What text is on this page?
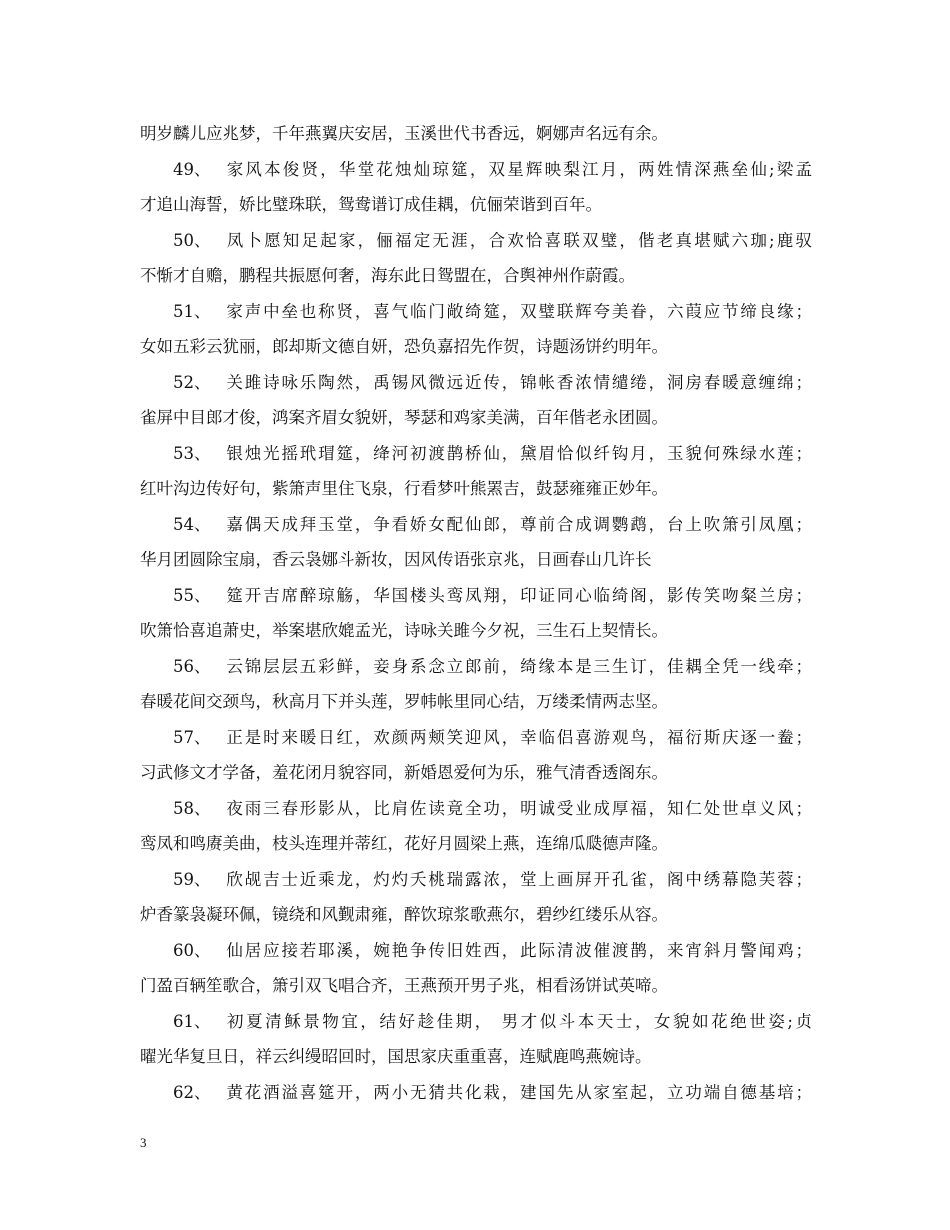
明岁麟儿应兆梦，千年燕翼庆安居，玉溪世代书香远，婀娜声名远有余。
49、 家风本俊贤，华堂花烛灿琼筵，双星辉映梨江月，两姓情深燕垒仙;梁孟
才追山海誓，娇比璧珠联，鸳鸯谱订成佳耦，伉俪荣谐到百年。
50、 凤卜愿知足起家，俪福定无涯，合欢恰喜联双璧，偕老真堪赋六珈;鹿驭
不惭才自赡，鹏程共振愿何奢，海东此日鸳盟在，合舆神州作蔚霞。
51、 家声中垒也称贤，喜气临门敞绮筵，双璧联辉夸美眷，六葭应节缔良缘；
女如五彩云犹丽，郎却斯文德自妍，恐负嘉招先作贺，诗题汤饼约明年。
52、 关雎诗咏乐陶然，禹锡风微远近传，锦帐香浓情缱绻，洞房春暖意缠绵；
雀屏中目郎才俊，鸿案齐眉女貌妍，琴瑟和鸡家美满，百年偕老永团圆。
53、 银烛光摇玳瑁筵，绛河初渡鹊桥仙，黛眉恰似纤钩月，玉貌何殊绿水莲；
红叶沟边传好句，紫箫声里住飞泉，行看梦叶熊罴吉，鼓瑟雍雍正妙年。
54、 嘉偶天成拜玉堂，争看娇女配仙郎，尊前合成调鹦鹉，台上吹箫引凤凰；
华月团圆除宝扇，香云袅娜斗新妆，因风传语张京兆，日画春山几许长
55、 筵开吉席醉琼觞，华国楼头鸾凤翔，印证同心临绮阁，影传笑吻粲兰房；
吹箫恰喜追萧史，举案堪欣媲孟光，诗咏关雎今夕祝，三生石上契情长。
56、 云锦层层五彩鲜，妾身系念立郎前，绮缘本是三生订，佳耦全凭一线牵；
春暖花间交颈鸟，秋高月下并头莲，罗帏帐里同心结，万缕柔情两志坚。
57、 正是时来暖日红，欢颜两颊笑迎风，幸临侣喜游观鸟，福衍斯庆逐一鲞；
习武修文才学备，羞花闭月貌容同，新婚恩爱何为乐，雅气清香透阁东。
58、 夜雨三春形影从，比肩佐读竟全功，明诚受业成厚福，知仁处世卓义风；
鸾凤和鸣赓美曲，枝头连理并蒂红，花好月圆梁上燕，连绵瓜瓞德声隆。
59、 欣觇吉士近乘龙，灼灼夭桃瑞露浓，堂上画屏开孔雀，阁中绣幕隐芙蓉；
炉香篆袅凝环佩，镜绕和风觐肃雍，醉饮琼浆歌燕尔，碧纱红缕乐从容。
60、 仙居应接若耶溪，婉艳争传旧姓西，此际清波催渡鹊，来宵斜月警闻鸡；
门盈百辆笙歌合，箫引双飞唱合齐，王燕预开男子兆，相看汤饼试英啼。
61、 初夏清稣景物宜，结好趁佳期， 男才似斗本天士，女貌如花绝世姿;贞
曜光华复旦日，祥云纠缦昭回时，国思家庆重重喜，连赋鹿鸣燕婉诗。
62、 黄花酒溢喜筵开，两小无猜共化栽，建国先从家室起，立功端自德基培；
3
